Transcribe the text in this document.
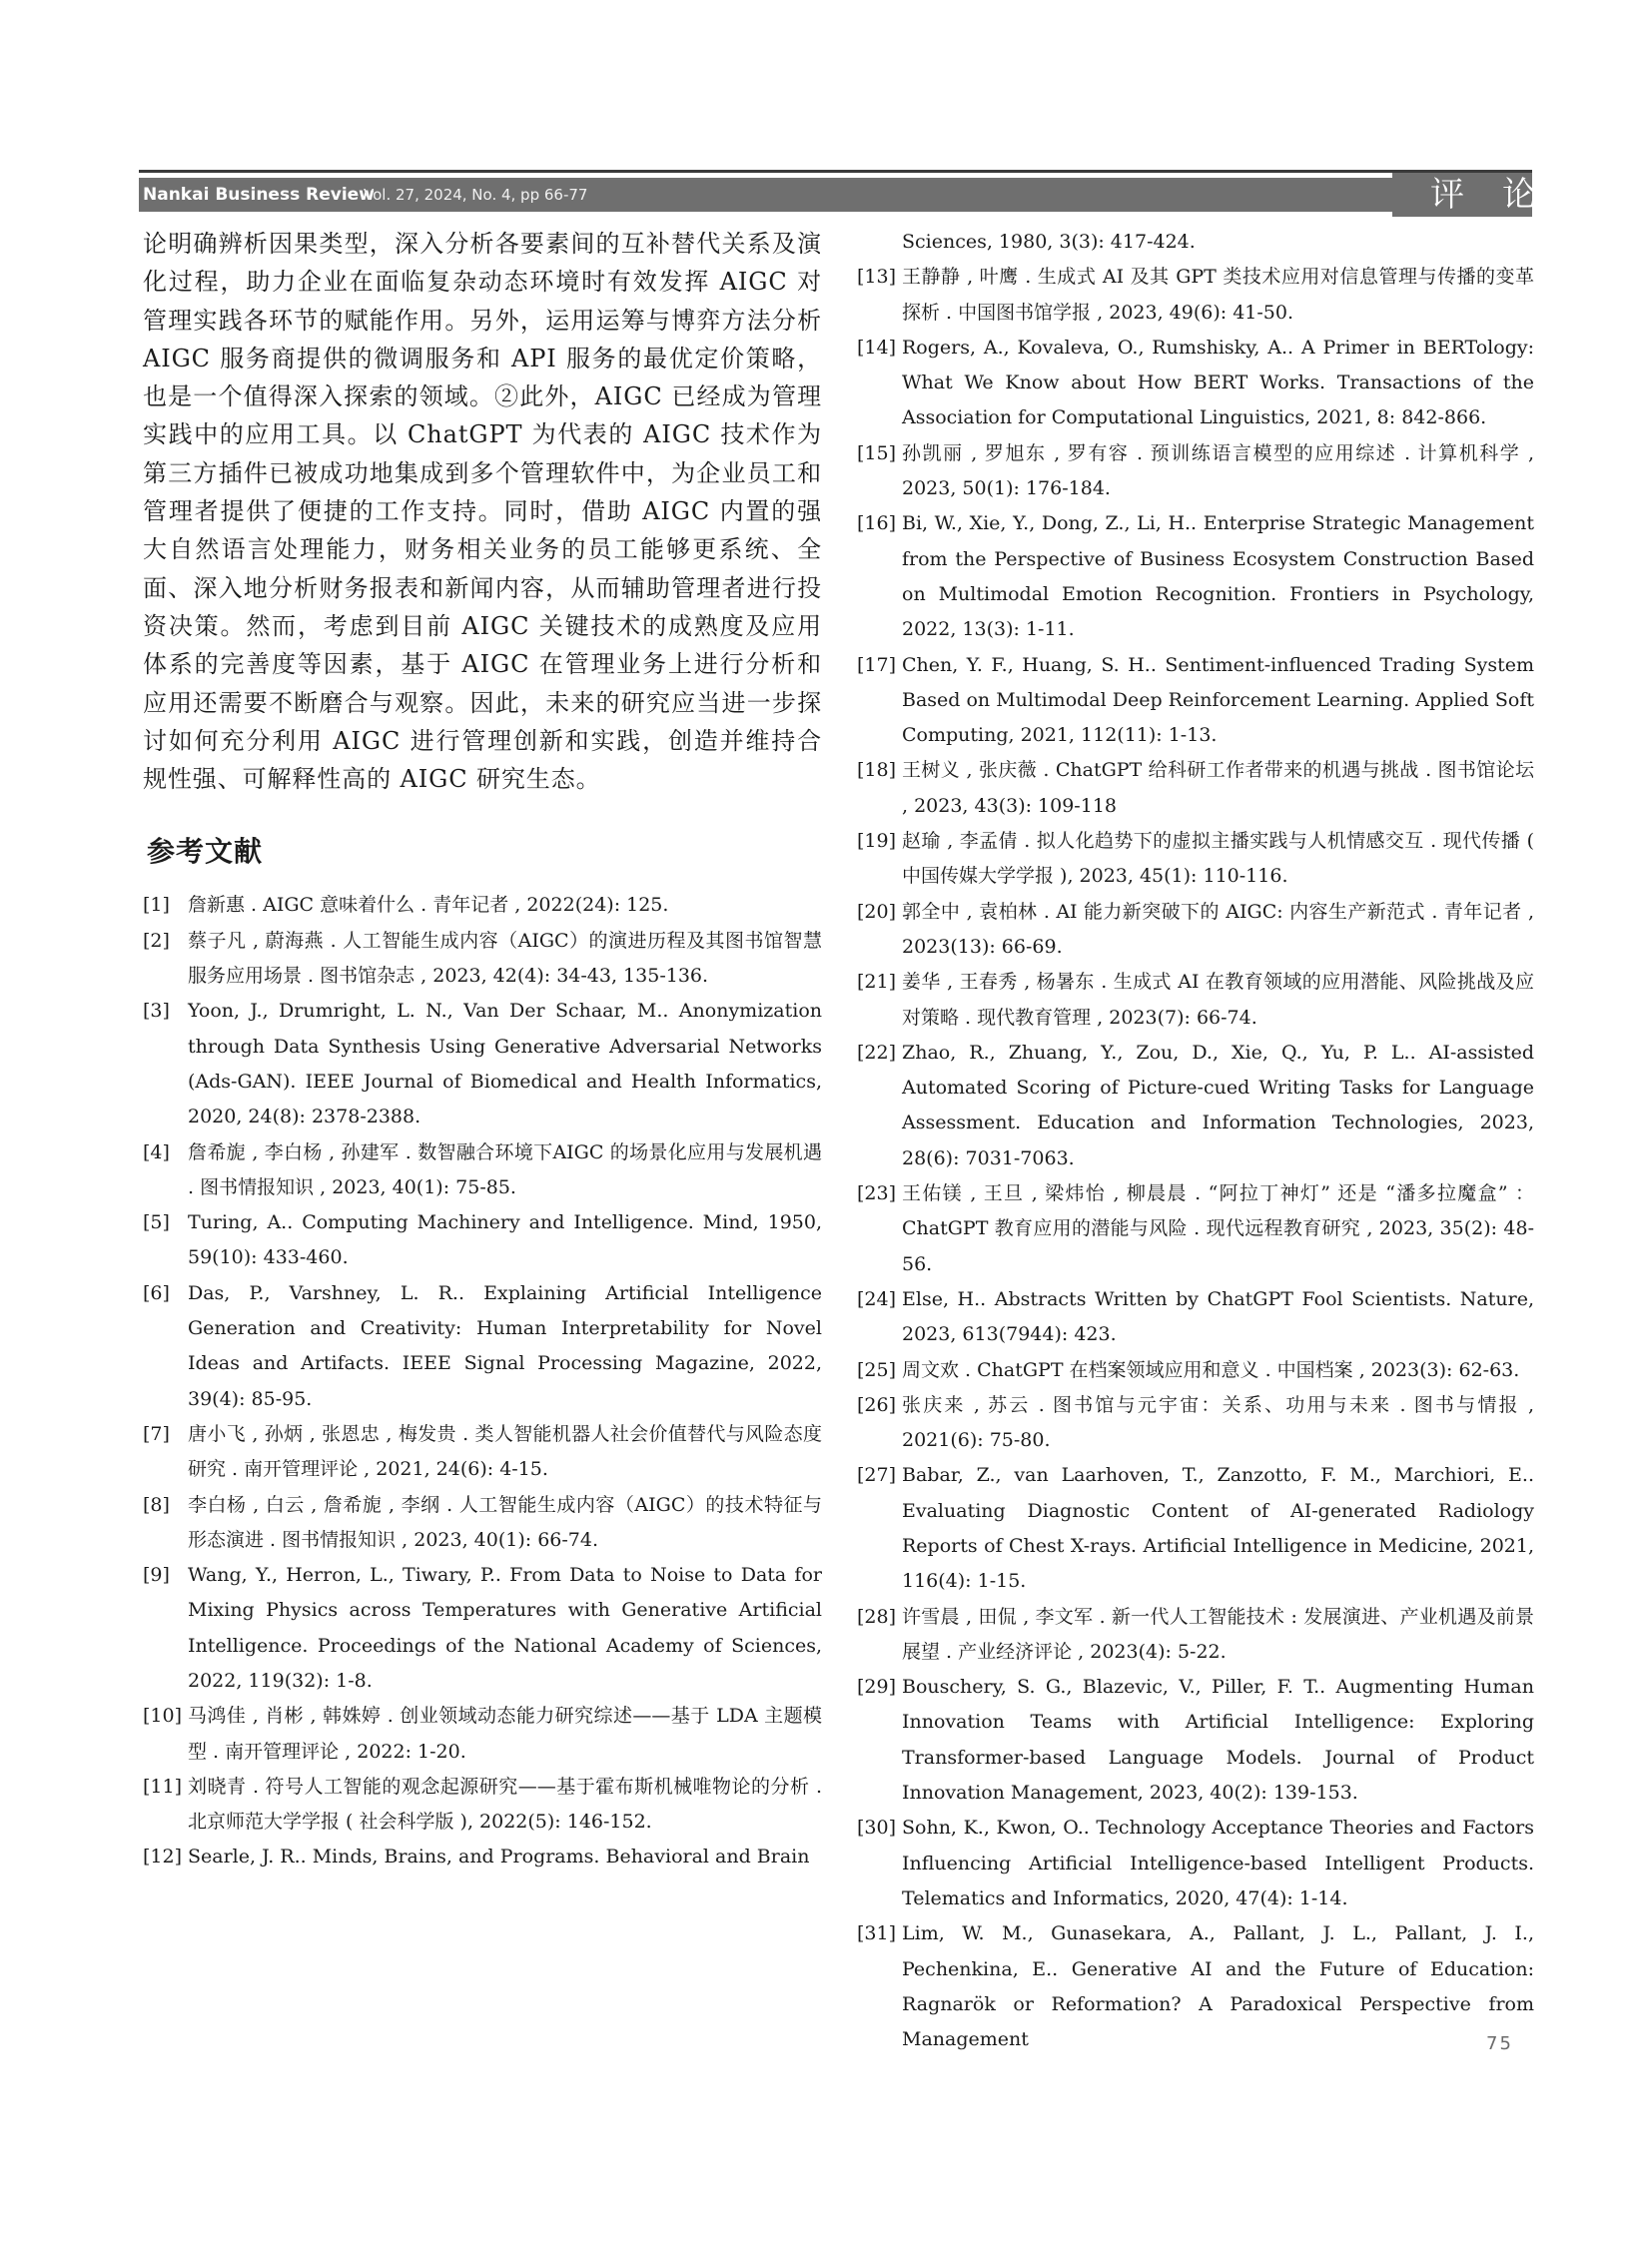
Nankai Business Review
Vol. 27, 2024, No. 4, pp 66-77	评论

论明确辨析因果类型，深入分析各要素间的互补替代关系及演化过程，助力企业在面临复杂动态环境时有效发挥 AIGC 对管理实践各环节的赋能作用。另外，运用运筹与博弈方法分析 AIGC 服务商提供的微调服务和 API 服务的最优定价策略，也是一个值得深入探索的领域。②此外，AIGC 已经成为管理实践中的应用工具。以 ChatGPT 为代表的 AIGC 技术作为第三方插件已被成功地集成到多个管理软件中，为企业员工和管理者提供了便捷的工作支持。同时，借助 AIGC 内置的强大自然语言处理能力，财务相关业务的员工能够更系统、全面、深入地分析财务报表和新闻内容，从而辅助管理者进行投资决策。然而，考虑到目前 AIGC 关键技术的成熟度及应用体系的完善度等因素，基于 AIGC 在管理业务上进行分析和应用还需要不断磨合与观察。因此，未来的研究应当进一步探讨如何充分利用 AIGC 进行管理创新和实践，创造并维持合规性强、可解释性高的 AIGC 研究生态。

参考文献
[1] 詹新惠 . AIGC 意味着什么 . 青年记者 , 2022(24): 125.
[2] 蔡子凡 , 蔚海燕 . 人工智能生成内容（AIGC）的演进历程及其图书馆智慧服务应用场景 . 图书馆杂志 , 2023, 42(4): 34-43, 135-136.
[3] Yoon, J., Drumright, L. N., Van Der Schaar, M.. Anonymization through Data Synthesis Using Generative Adversarial Networks (Ads-GAN). IEEE Journal of Biomedical and Health Informatics, 2020, 24(8): 2378-2388.
[4] 詹希旎 , 李白杨 , 孙建军 . 数智融合环境下AIGC 的场景化应用与发展机遇 . 图书情报知识 , 2023, 40(1): 75-85.
[5] Turing, A.. Computing Machinery and Intelligence. Mind, 1950, 59(10): 433-460.
[6] Das, P., Varshney, L. R.. Explaining Artificial Intelligence Generation and Creativity: Human Interpretability for Novel Ideas and Artifacts. IEEE Signal Processing Magazine, 2022, 39(4): 85-95.
[7] 唐小飞 , 孙炳 , 张恩忠 , 梅发贵 . 类人智能机器人社会价值替代与风险态度研究 . 南开管理评论 , 2021, 24(6): 4-15.
[8] 李白杨 , 白云 , 詹希旎 , 李纲 . 人工智能生成内容（AIGC）的技术特征与形态演进 . 图书情报知识 , 2023, 40(1): 66-74.
[9] Wang, Y., Herron, L., Tiwary, P.. From Data to Noise to Data for Mixing Physics across Temperatures with Generative Artificial Intelligence. Proceedings of the National Academy of Sciences, 2022, 119(32): 1-8.
[10] 马鸿佳 , 肖彬 , 韩姝婷 . 创业领域动态能力研究综述——基于 LDA 主题模型 . 南开管理评论 , 2022: 1-20.
[11] 刘晓青 . 符号人工智能的观念起源研究——基于霍布斯机械唯物论的分析 . 北京师范大学学报 ( 社会科学版 ), 2022(5): 146-152.
[12] Searle, J. R.. Minds, Brains, and Programs. Behavioral and Brain
Sciences, 1980, 3(3): 417-424.
[13] 王静静 , 叶鹰 . 生成式 AI 及其 GPT 类技术应用对信息管理与传播的变革探析 . 中国图书馆学报 , 2023, 49(6): 41-50.
[14] Rogers, A., Kovaleva, O., Rumshisky, A.. A Primer in BERTology: What We Know about How BERT Works. Transactions of the Association for Computational Linguistics, 2021, 8: 842-866.
[15] 孙凯丽 , 罗旭东 , 罗有容 . 预训练语言模型的应用综述 . 计算机科学 , 2023, 50(1): 176-184.
[16] Bi, W., Xie, Y., Dong, Z., Li, H.. Enterprise Strategic Management from the Perspective of Business Ecosystem Construction Based on Multimodal Emotion Recognition. Frontiers in Psychology, 2022, 13(3): 1-11.
[17] Chen, Y. F., Huang, S. H.. Sentiment-influenced Trading System Based on Multimodal Deep Reinforcement Learning. Applied Soft Computing, 2021, 112(11): 1-13.
[18] 王树义 , 张庆薇 . ChatGPT 给科研工作者带来的机遇与挑战 . 图书馆论坛 , 2023, 43(3): 109-118
[19] 赵瑜 , 李孟倩 . 拟人化趋势下的虚拟主播实践与人机情感交互 . 现代传播 ( 中国传媒大学学报 ), 2023, 45(1): 110-116.
[20] 郭全中 , 袁柏林 . AI 能力新突破下的 AIGC: 内容生产新范式 . 青年记者 , 2023(13): 66-69.
[21] 姜华 , 王春秀 , 杨暑东 . 生成式 AI 在教育领域的应用潜能、风险挑战及应对策略 . 现代教育管理 , 2023(7): 66-74.
[22] Zhao, R., Zhuang, Y., Zou, D., Xie, Q., Yu, P. L.. AI-assisted Automated Scoring of Picture-cued Writing Tasks for Language Assessment. Education and Information Technologies, 2023, 28(6): 7031-7063.
[23] 王佑镁 , 王旦 , 梁炜怡 , 柳晨晨 . “阿拉丁神灯” 还是 “潘多拉魔盒” ：ChatGPT 教育应用的潜能与风险 . 现代远程教育研究 , 2023, 35(2): 48-56.
[24] Else, H.. Abstracts Written by ChatGPT Fool Scientists. Nature, 2023, 613(7944): 423.
[25] 周文欢 . ChatGPT 在档案领域应用和意义 . 中国档案 , 2023(3): 62-63.
[26] 张庆来 , 苏云 . 图书馆与元宇宙：关系、功用与未来 . 图书与情报 , 2021(6): 75-80.
[27] Babar, Z., van Laarhoven, T., Zanzotto, F. M., Marchiori, E.. Evaluating Diagnostic Content of AI-generated Radiology Reports of Chest X-rays. Artificial Intelligence in Medicine, 2021, 116(4): 1-15.
[28] 许雪晨 , 田侃 , 李文军 . 新一代人工智能技术 : 发展演进、产业机遇及前景展望 . 产业经济评论 , 2023(4): 5-22.
[29] Bouschery, S. G., Blazevic, V., Piller, F. T.. Augmenting Human Innovation Teams with Artificial Intelligence: Exploring Transformer-based Language Models. Journal of Product Innovation Management, 2023, 40(2): 139-153.
[30] Sohn, K., Kwon, O.. Technology Acceptance Theories and Factors Influencing Artificial Intelligence-based Intelligent Products. Telematics and Informatics, 2020, 47(4): 1-14.
[31] Lim, W. M., Gunasekara, A., Pallant, J. L., Pallant, J. I., Pechenkina, E.. Generative AI and the Future of Education: Ragnarök or Reformation? A Paradoxical Perspective from Management	75
